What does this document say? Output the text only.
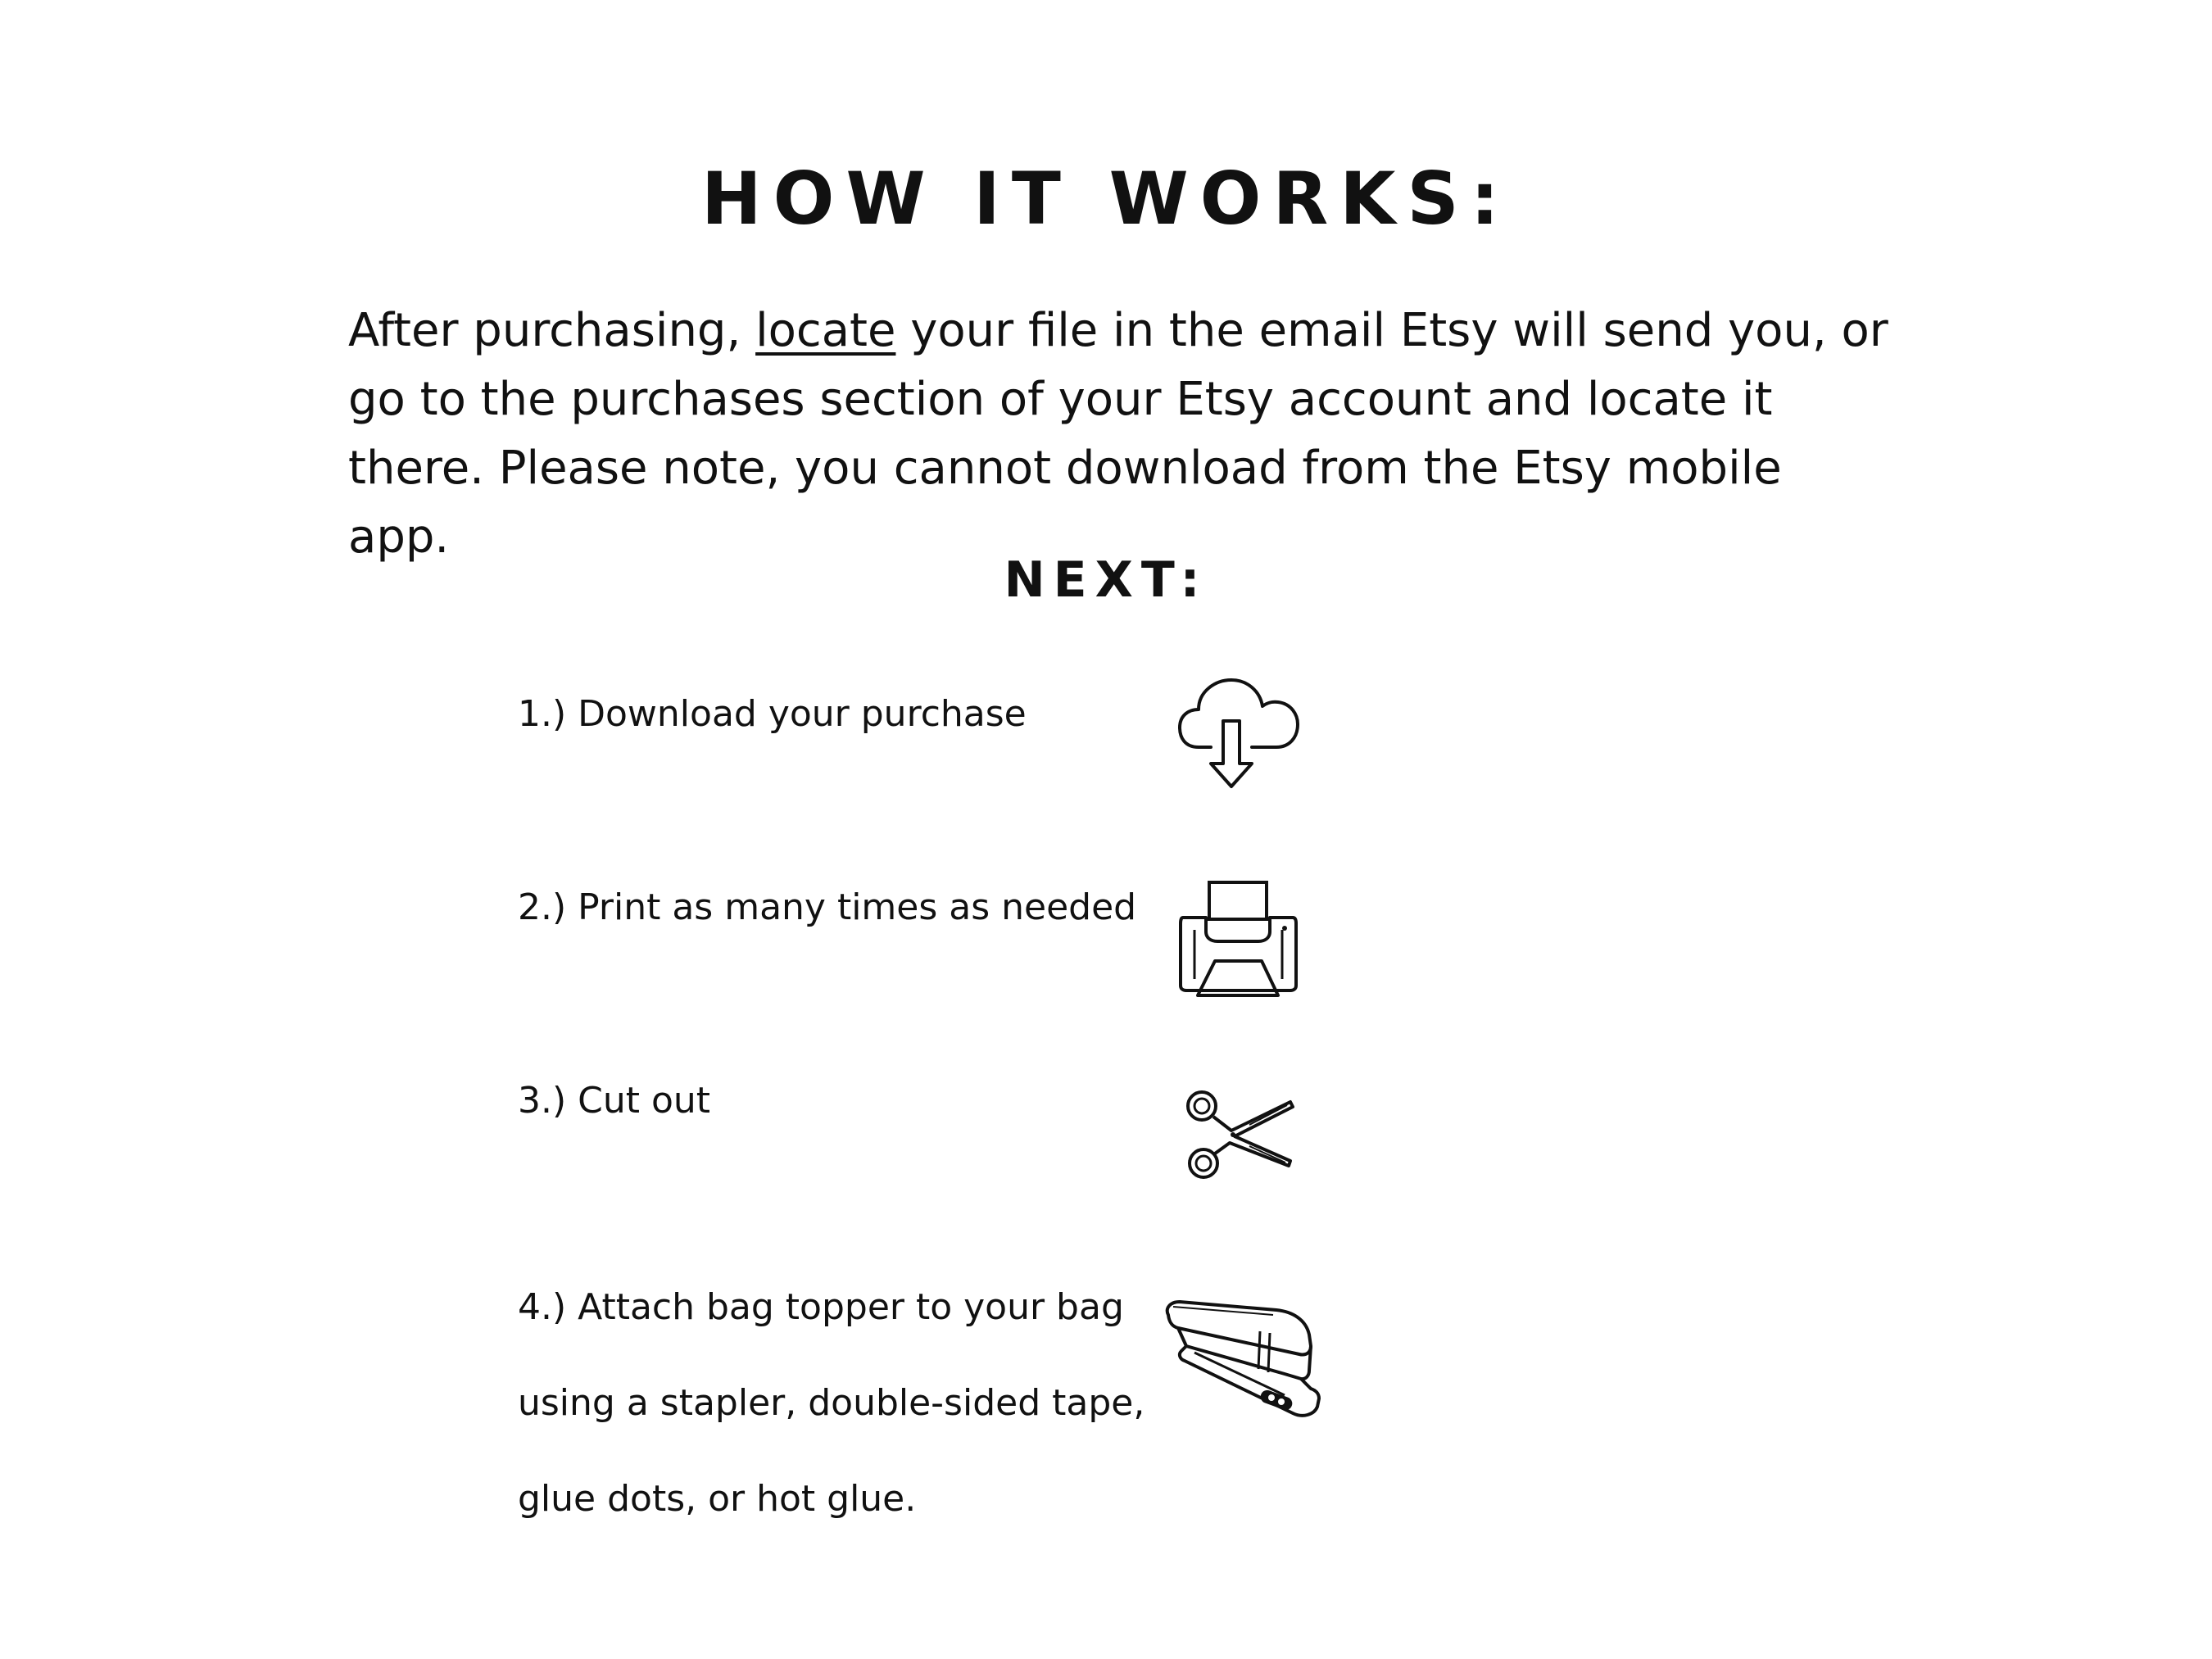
HOW IT WORKS:

After purchasing, locate your file in the email Etsy will send you, or
go to the purchases section of your Etsy account and locate it
there. Please note, you cannot download from the Etsy mobile
app.

NEXT:

1.) Download your purchase

2.) Print as many times as needed

3.) Cut out

4.) Attach bag topper to your bag
using a stapler, double-sided tape,
glue dots, or hot glue.
